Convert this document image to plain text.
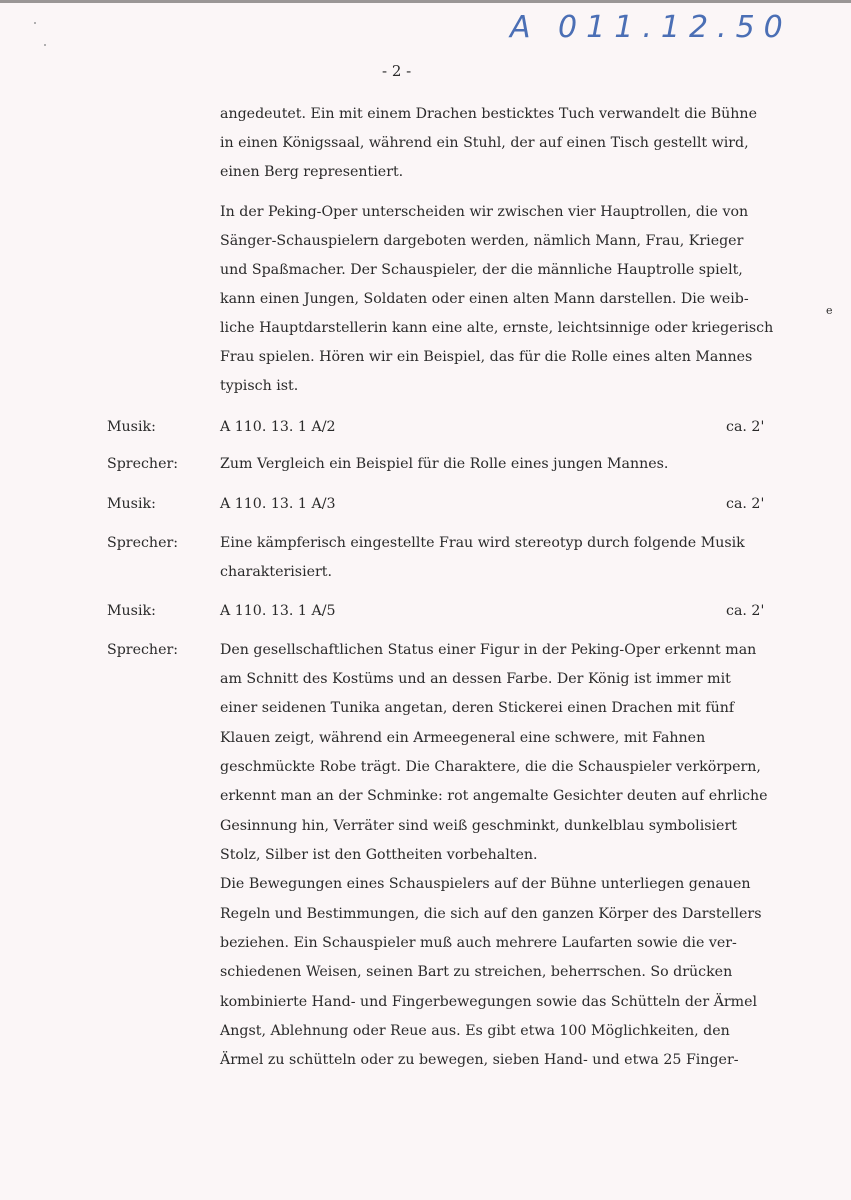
A 011.12.50
- 2 -
angedeutet. Ein mit einem Drachen besticktes Tuch verwandelt die Bühne
in einen Königssaal, während ein Stuhl, der auf einen Tisch gestellt wird,
einen Berg representiert.
In der Peking-Oper unterscheiden wir zwischen vier Hauptrollen, die von
Sänger-Schauspielern dargeboten werden, nämlich Mann, Frau, Krieger
und Spaßmacher. Der Schauspieler, der die männliche Hauptrolle spielt,
kann einen Jungen, Soldaten oder einen alten Mann darstellen. Die weib-
e
liche Hauptdarstellerin kann eine alte, ernste, leichtsinnige oder kriegerisch
Frau spielen. Hören wir ein Beispiel, das für die Rolle eines alten Mannes
typisch ist.
Musik:	A 110. 13. 1 A/2	ca. 2'
Sprecher:	Zum Vergleich ein Beispiel für die Rolle eines jungen Mannes.
Musik:	A 110. 13. 1 A/3	ca. 2'
Sprecher:	Eine kämpferisch eingestellte Frau wird stereotyp durch folgende Musik
charakterisiert.
Musik:	A 110. 13. 1 A/5	ca. 2'
Sprecher:	Den gesellschaftlichen Status einer Figur in der Peking-Oper erkennt man
am Schnitt des Kostüms und an dessen Farbe. Der König ist immer mit
einer seidenen Tunika angetan, deren Stickerei einen Drachen mit fünf
Klauen zeigt, während ein Armeegeneral eine schwere, mit Fahnen
geschmückte Robe trägt. Die Charaktere, die die Schauspieler verkörpern,
erkennt man an der Schminke: rot angemalte Gesichter deuten auf ehrliche
Gesinnung hin, Verräter sind weiß geschminkt, dunkelblau symbolisiert
Stolz, Silber ist den Gottheiten vorbehalten.
Die Bewegungen eines Schauspielers auf der Bühne unterliegen genauen
Regeln und Bestimmungen, die sich auf den ganzen Körper des Darstellers
beziehen. Ein Schauspieler muß auch mehrere Laufarten sowie die ver-
schiedenen Weisen, seinen Bart zu streichen, beherrschen. So drücken
kombinierte Hand- und Fingerbewegungen sowie das Schütteln der Ärmel
Angst, Ablehnung oder Reue aus. Es gibt etwa 100 Möglichkeiten, den
Ärmel zu schütteln oder zu bewegen, sieben Hand- und etwa 25 Finger-
